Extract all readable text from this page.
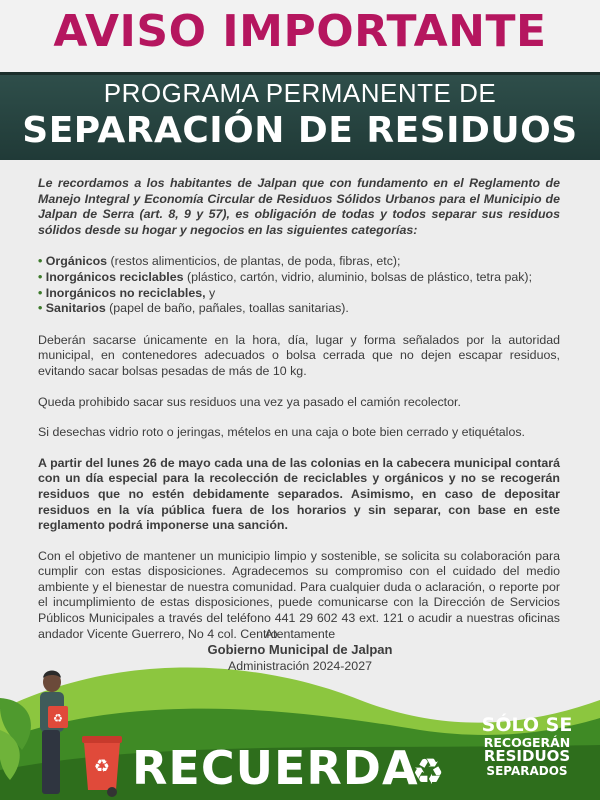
AVISO IMPORTANTE
PROGRAMA PERMANENTE DE
SEPARACIÓN DE RESIDUOS

Le recordamos a los habitantes de Jalpan que con fundamento en el Reglamento de Manejo Integral y Economía Circular de Residuos Sólidos Urbanos para el Municipio de Jalpan de Serra (art. 8, 9 y 57), es obligación de todas y todos separar sus residuos sólidos desde su hogar y negocios en las siguientes categorías:

• Orgánicos (restos alimenticios, de plantas, de poda, fibras, etc);
• Inorgánicos reciclables (plástico, cartón, vidrio, aluminio, bolsas de plástico, tetra pak);
• Inorgánicos no reciclables, y
• Sanitarios (papel de baño, pañales, toallas sanitarias).

Deberán sacarse únicamente en la hora, día, lugar y forma señalados por la autoridad municipal, en contenedores adecuados o bolsa cerrada que no dejen escapar residuos, evitando sacar bolsas pesadas de más de 10 kg.

Queda prohibido sacar sus residuos una vez ya pasado el camión recolector.

Si desechas vidrio roto o jeringas, mételos en una caja o bote bien cerrado y etiquétalos.

A partir del lunes 26 de mayo cada una de las colonias en la cabecera municipal contará con un día especial para la recolección de reciclables y orgánicos y no se recogerán residuos que no estén debidamente separados. Asimismo, en caso de depositar residuos en la vía pública fuera de los horarios y sin separar, con base en este reglamento podrá imponerse una sanción.

Con el objetivo de mantener un municipio limpio y sostenible, se solicita su colaboración para cumplir con estas disposiciones. Agradecemos su compromiso con el cuidado del medio ambiente y el bienestar de nuestra comunidad. Para cualquier duda o aclaración, o reporte por el incumplimiento de estas disposiciones, puede comunicarse con la Dirección de Servicios Públicos Municipales a través del teléfono 441 29 602 43 ext. 121 o acudir a nuestras oficinas andador Vicente Guerrero, No 4 col. Centro.

Atentamente
Gobierno Municipal de Jalpan
Administración 2024-2027
♻
♻ RECUERDA
♻
SÓLO SE
RECOGERÁN
RESIDUOS
SEPARADOS
